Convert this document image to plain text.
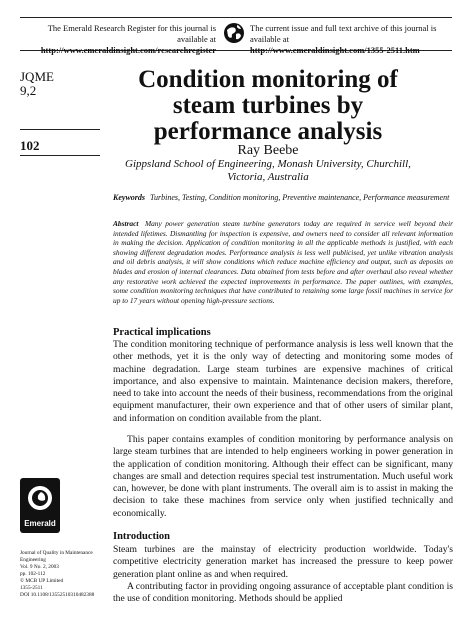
The Emerald Research Register for this journal is available at
http://www.emeraldinsight.com/researchregister
The current issue and full text archive of this journal is available at
http://www.emeraldinsight.com/1355-2511.htm
JQME
9,2
102
Emerald
Journal of Quality in Maintenance
Engineering
Vol. 9 No. 2, 2003
pp. 102-112
© MCB UP Limited
1355-2511
DOI 10.1108/13552510310482388
Condition monitoring of steam turbines by performance analysis
Ray Beebe
Gippsland School of Engineering, Monash University, Churchill,
Victoria, Australia
Keywords Turbines, Testing, Condition monitoring, Preventive maintenance, Performance measurement
Abstract Many power generation steam turbine generators today are required in service well beyond their intended lifetimes. Dismantling for inspection is expensive, and owners need to consider all relevant information in making the decision. Application of condition monitoring in all the applicable methods is justified, with each showing different degradation modes. Performance analysis is less well publicised, yet unlike vibration analysis and oil debris analysis, it will show conditions which reduce machine efficiency and output, such as deposits on blades and erosion of internal clearances. Data obtained from tests before and after overhaul also reveal whether any restorative work achieved the expected improvements in performance. The paper outlines, with examples, some condition monitoring techniques that have contributed to retaining some large fossil machines in service for up to 17 years without opening high-pressure sections.
Practical implications

The condition monitoring technique of performance analysis is less well known that the other methods, yet it is the only way of detecting and monitoring some modes of machine degradation. Large steam turbines are expensive machines of critical importance, and also expensive to maintain. Maintenance decision makers, therefore, need to take into account the needs of their business, recommendations from the original equipment manufacturer, their own experience and that of other users of similar plant, and information on condition available from the plant.

This paper contains examples of condition monitoring by performance analysis on large steam turbines that are intended to help engineers working in power generation in the application of condition monitoring. Although their effect can be significant, many changes are small and detection requires special test instrumentation. Much useful work can, however, be done with plant instruments. The overall aim is to assist in making the decision to take these machines from service only when justified technically and economically.

Introduction

Steam turbines are the mainstay of electricity production worldwide. Today's competitive electricity generation market has increased the pressure to keep power generation plant online as and when required.

A contributing factor in providing ongoing assurance of acceptable plant condition is the use of condition monitoring. Methods should be applied
